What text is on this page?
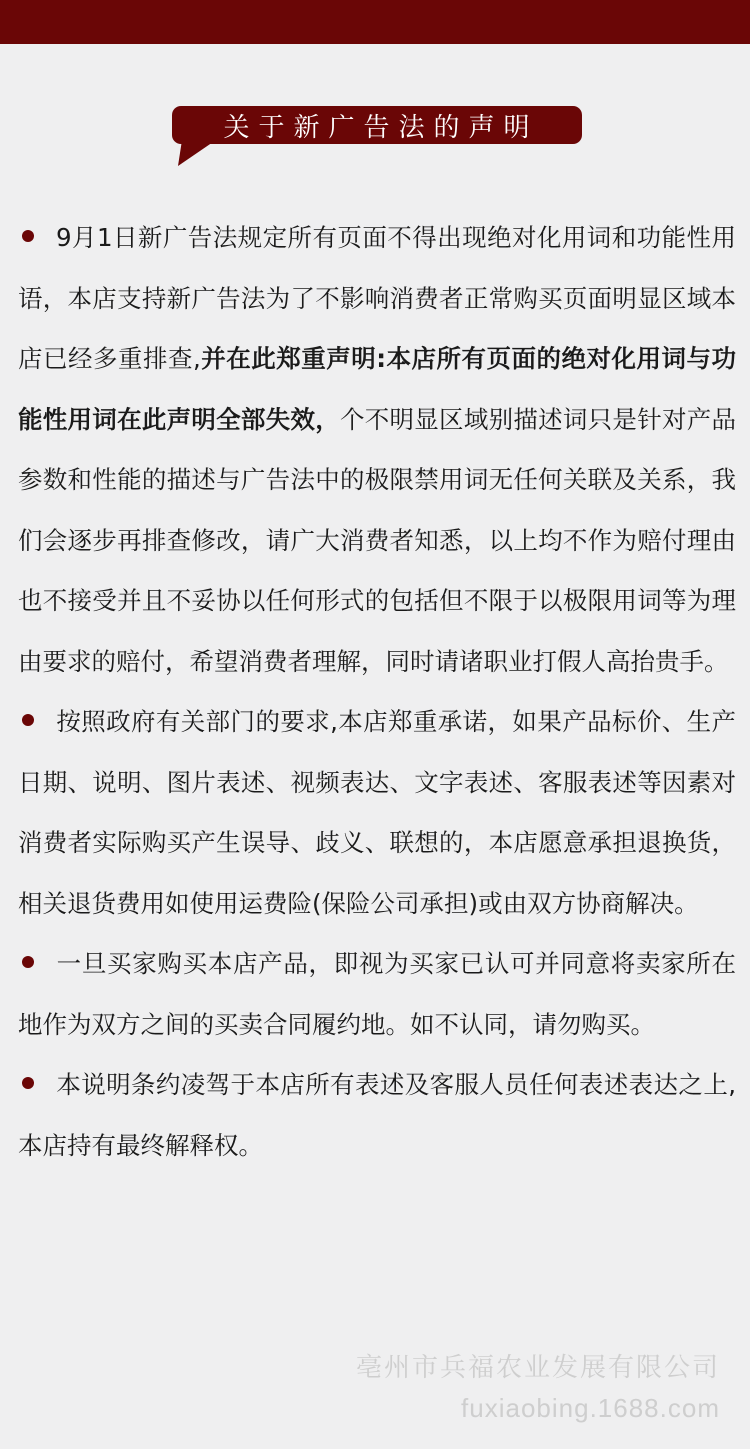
关于新广告法的声明

9月1日新广告法规定所有页面不得出现绝对化用词和功能性用语，本店支持新广告法为了不影响消费者正常购买页面明显区域本店已经多重排查,并在此郑重声明:本店所有页面的绝对化用词与功能性用词在此声明全部失效，个不明显区域别描述词只是针对产品参数和性能的描述与广告法中的极限禁用词无任何关联及关系，我们会逐步再排查修改，请广大消费者知悉，以上均不作为赔付理由也不接受并且不妥协以任何形式的包括但不限于以极限用词等为理由要求的赔付，希望消费者理解，同时请诸职业打假人高抬贵手。

按照政府有关部门的要求,本店郑重承诺，如果产品标价、生产日期、说明、图片表述、视频表达、文字表述、客服表述等因素对消费者实际购买产生误导、歧义、联想的，本店愿意承担退换货，相关退货费用如使用运费险(保险公司承担)或由双方协商解决。

一旦买家购买本店产品，即视为买家已认可并同意将卖家所在地作为双方之间的买卖合同履约地。如不认同，请勿购买。

本说明条约凌驾于本店所有表述及客服人员任何表述表达之上,本店持有最终解释权。

亳州市兵福农业发展有限公司
fuxiaobing.1688.com
